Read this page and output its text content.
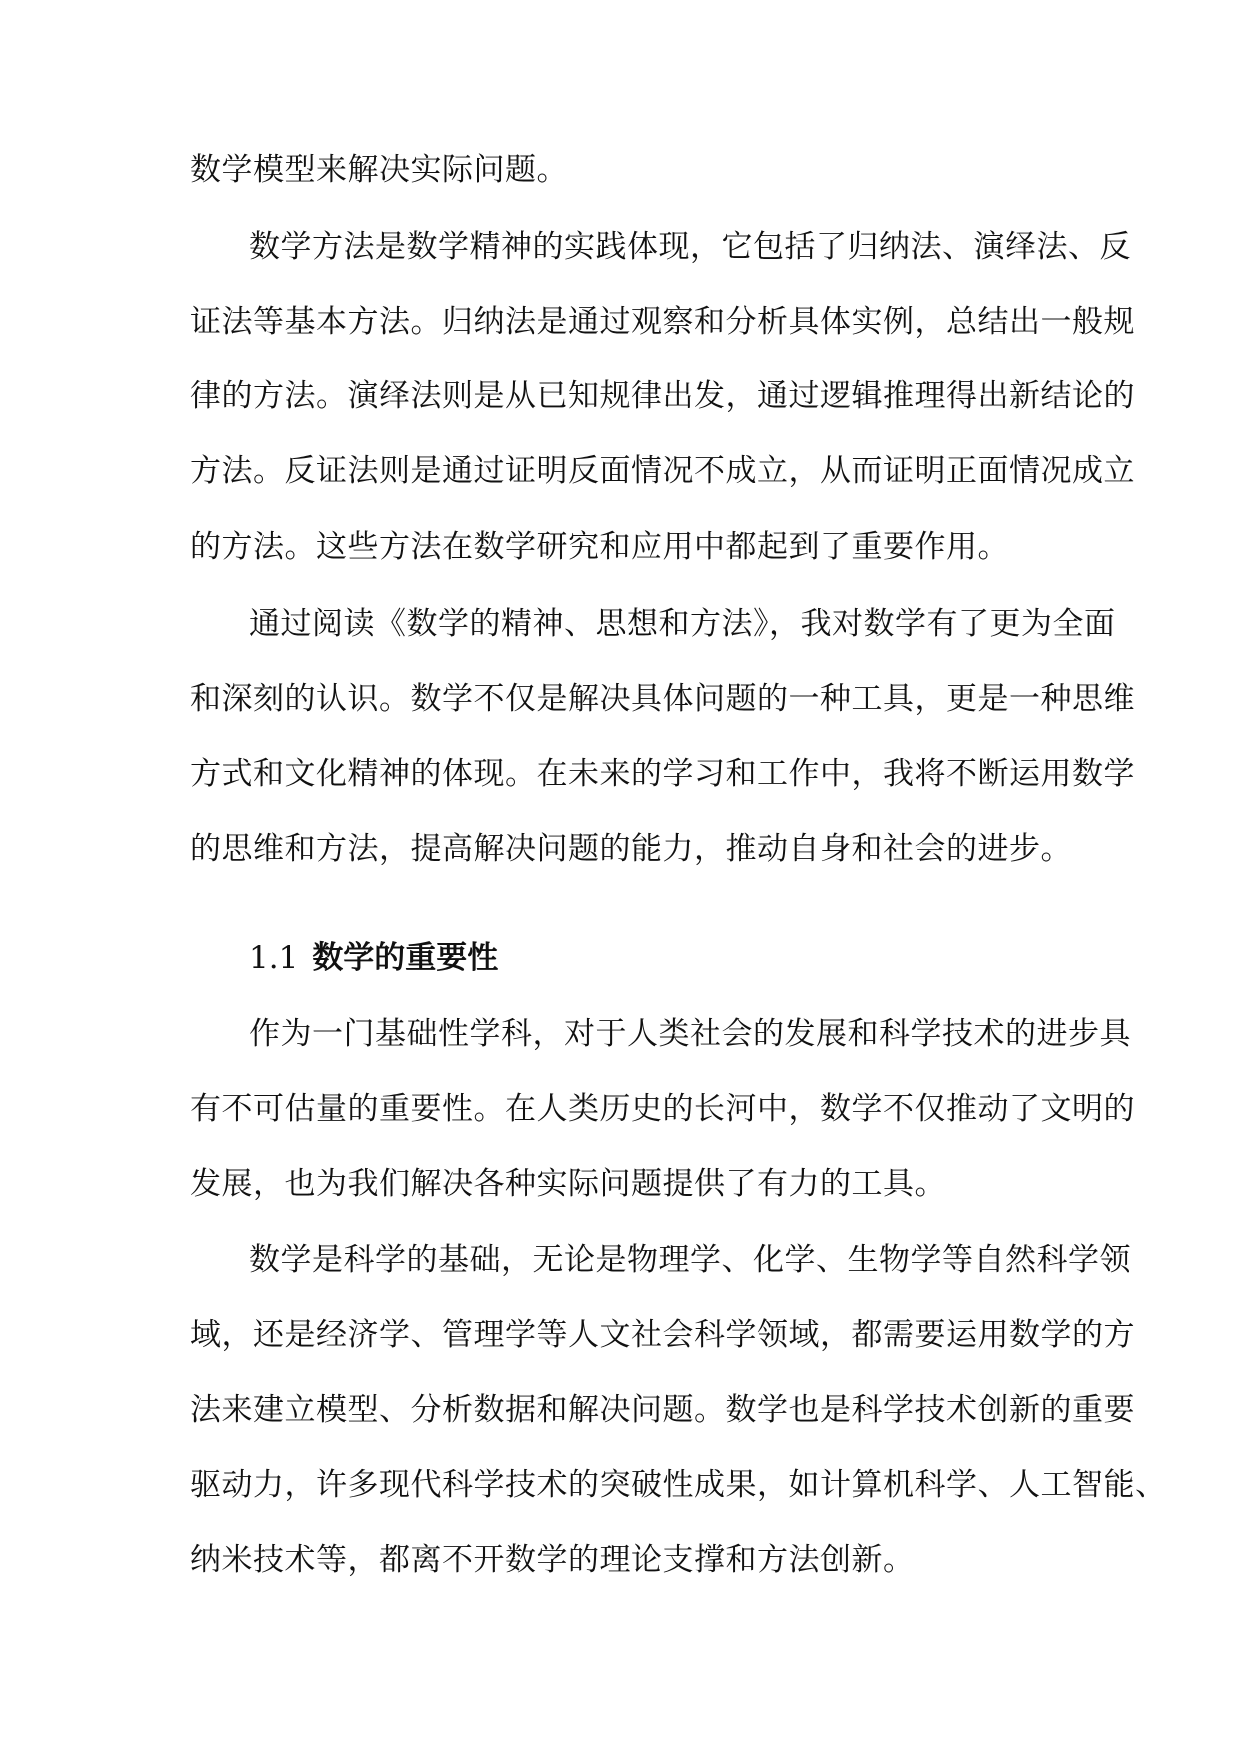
数学模型来解决实际问题。
数学方法是数学精神的实践体现，它包括了归纳法、演绎法、反
证法等基本方法。归纳法是通过观察和分析具体实例，总结出一般规
律的方法。演绎法则是从已知规律出发，通过逻辑推理得出新结论的
方法。反证法则是通过证明反面情况不成立，从而证明正面情况成立
的方法。这些方法在数学研究和应用中都起到了重要作用。
通过阅读《数学的精神、思想和方法》，我对数学有了更为全面
和深刻的认识。数学不仅是解决具体问题的一种工具，更是一种思维
方式和文化精神的体现。在未来的学习和工作中，我将不断运用数学
的思维和方法，提高解决问题的能力，推动自身和社会的进步。
1.1 数学的重要性
作为一门基础性学科，对于人类社会的发展和科学技术的进步具
有不可估量的重要性。在人类历史的长河中，数学不仅推动了文明的
发展，也为我们解决各种实际问题提供了有力的工具。
数学是科学的基础，无论是物理学、化学、生物学等自然科学领
域，还是经济学、管理学等人文社会科学领域，都需要运用数学的方
法来建立模型、分析数据和解决问题。数学也是科学技术创新的重要
驱动力，许多现代科学技术的突破性成果，如计算机科学、人工智能、
纳米技术等，都离不开数学的理论支撑和方法创新。
